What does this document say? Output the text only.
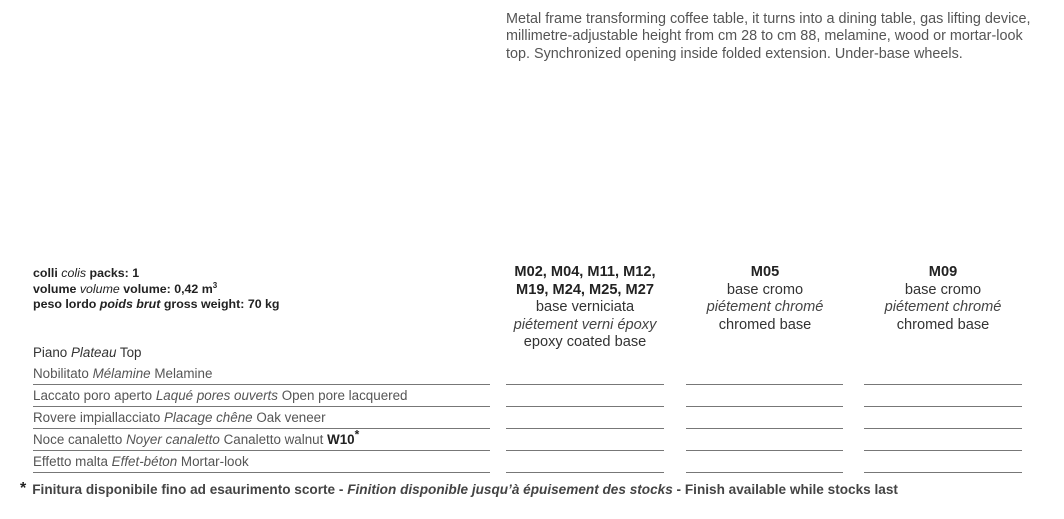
Metal frame transforming coffee table, it turns into a dining table, gas lifting device, millimetre-adjustable height from cm 28 to cm 88, melamine, wood or mortar-look top. Synchronized opening inside folded extension. Under-base wheels.
colli colis packs: 1
volume volume volume: 0,42 $m^3$
peso lordo poids brut gross weight: 70 kg
M02, M04, M11, M12,
M19, M24, M25, M27
base verniciata
piétement verni époxy
epoxy coated base
M05
base cromo
piétement chromé
chromed base
M09
base cromo
piétement chromé
chromed base
Piano Plateau Top
Nobilitato Mélamine Melamine
Laccato poro aperto Laqué pores ouverts Open pore lacquered
Rovere impiallacciato Placage chêne Oak veneer
Noce canaletto Noyer canaletto Canaletto walnut W10*
Effetto malta Effet-béton Mortar-look
* Finitura disponibile fino ad esaurimento scorte - Finition disponible jusqu’à épuisement des stocks - Finish available while stocks last
